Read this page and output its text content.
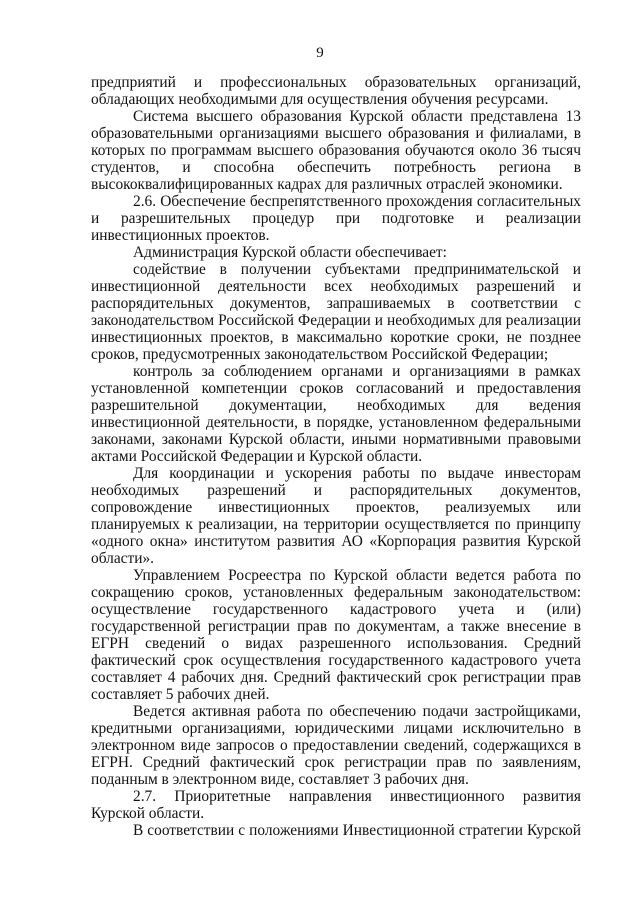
9

предприятий и профессиональных образовательных организаций, обладающих необходимыми для осуществления обучения ресурсами.

Система высшего образования Курской области представлена 13 образовательными организациями высшего образования и филиалами, в которых по программам высшего образования обучаются около 36 тысяч студентов, и способна обеспечить потребность региона в высококвалифицированных кадрах для различных отраслей экономики.

2.6. Обеспечение беспрепятственного прохождения согласительных и разрешительных процедур при подготовке и реализации инвестиционных проектов.

Администрация Курской области обеспечивает:

содействие в получении субъектами предпринимательской и инвестиционной деятельности всех необходимых разрешений и распорядительных документов, запрашиваемых в соответствии с законодательством Российской Федерации и необходимых для реализации инвестиционных проектов, в максимально короткие сроки, не позднее сроков, предусмотренных законодательством Российской Федерации;

контроль за соблюдением органами и организациями в рамках установленной компетенции сроков согласований и предоставления разрешительной документации, необходимых для ведения инвестиционной деятельности, в порядке, установленном федеральными законами, законами Курской области, иными нормативными правовыми актами Российской Федерации и Курской области.

Для координации и ускорения работы по выдаче инвесторам необходимых разрешений и распорядительных документов, сопровождение инвестиционных проектов, реализуемых или планируемых к реализации, на территории осуществляется по принципу «одного окна» институтом развития АО «Корпорация развития Курской области».

Управлением Росреестра по Курской области ведется работа по сокращению сроков, установленных федеральным законодательством: осуществление государственного кадастрового учета и (или) государственной регистрации прав по документам, а также внесение в ЕГРН сведений о видах разрешенного использования. Средний фактический срок осуществления государственного кадастрового учета составляет 4 рабочих дня. Средний фактический срок регистрации прав составляет 5 рабочих дней.

Ведется активная работа по обеспечению подачи застройщиками, кредитными организациями, юридическими лицами исключительно в электронном виде запросов о предоставлении сведений, содержащихся в ЕГРН. Средний фактический срок регистрации прав по заявлениям, поданным в электронном виде, составляет 3 рабочих дня.

2.7. Приоритетные направления инвестиционного развития Курской области.

В соответствии с положениями Инвестиционной стратегии Курской
